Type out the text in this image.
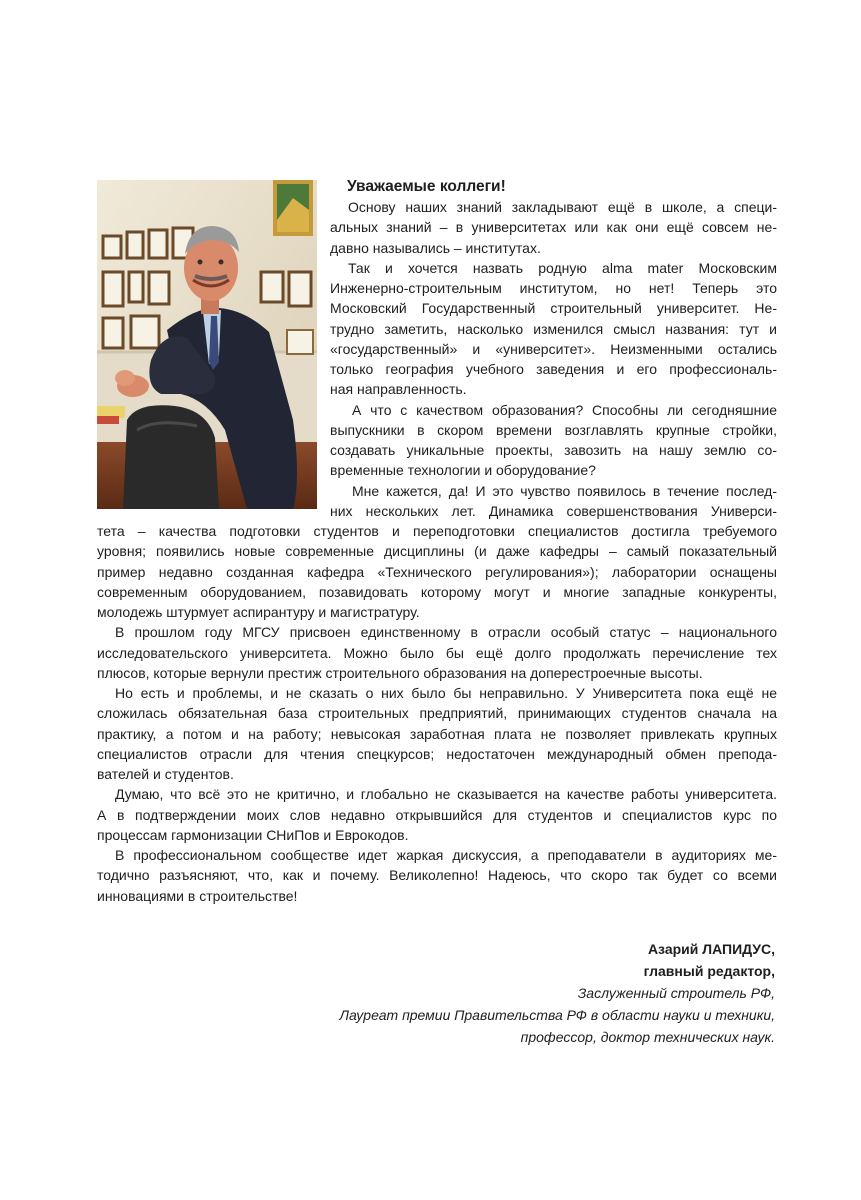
Уважаемые коллеги!
Основу наших знаний закладывают ещё в школе, а специ-
альных знаний – в университетах или как они ещё совсем не-
давно назывались – институтах.
Так и хочется назвать родную alma mater Московским
Инженерно-строительным институтом, но нет! Теперь это
Московский Государственный строительный университет. Не-
трудно заметить, насколько изменился смысл названия: тут и
«государственный» и «университет». Неизменными остались
только география учебного заведения и его профессиональ-
ная направленность.
А что с качеством образования? Способны ли сегодняшние
выпускники в скором времени возглавлять крупные стройки,
создавать уникальные проекты, завозить на нашу землю со-
временные технологии и оборудование?
Мне кажется, да! И это чувство появилось в течение послед-
них нескольких лет. Динамика совершенствования Универси-
тета – качества подготовки студентов и переподготовки специалистов достигла требуемого
уровня; появились новые современные дисциплины (и даже кафедры – самый показательный
пример недавно созданная кафедра «Технического регулирования»); лаборатории оснащены
современным оборудованием, позавидовать которому могут и многие западные конкуренты,
молодежь штурмует аспирантуру и магистратуру.
В прошлом году МГСУ присвоен единственному в отрасли особый статус – национального
исследовательского университета. Можно было бы ещё долго продолжать перечисление тех
плюсов, которые вернули престиж строительного образования на доперестроечные высоты.
Но есть и проблемы, и не сказать о них было бы неправильно. У Университета пока ещё не
сложилась обязательная база строительных предприятий, принимающих студентов сначала на
практику, а потом и на работу; невысокая заработная плата не позволяет привлекать крупных
специалистов отрасли для чтения спецкурсов; недостаточен международный обмен препода-
вателей и студентов.
Думаю, что всё это не критично, и глобально не сказывается на качестве работы университета.
А в подтверждении моих слов недавно открывшийся для студентов и специалистов курс по
процессам гармонизации СНиПов и Еврокодов.
В профессиональном сообществе идет жаркая дискуссия, а преподаватели в аудиториях ме-
тодично разъясняют, что, как и почему. Великолепно! Надеюсь, что скоро так будет со всеми
инновациями в строительстве!
Азарий ЛАПИДУС,
главный редактор,
Заслуженный строитель РФ,
Лауреат премии Правительства РФ в области науки и техники,
профессор, доктор технических наук.
